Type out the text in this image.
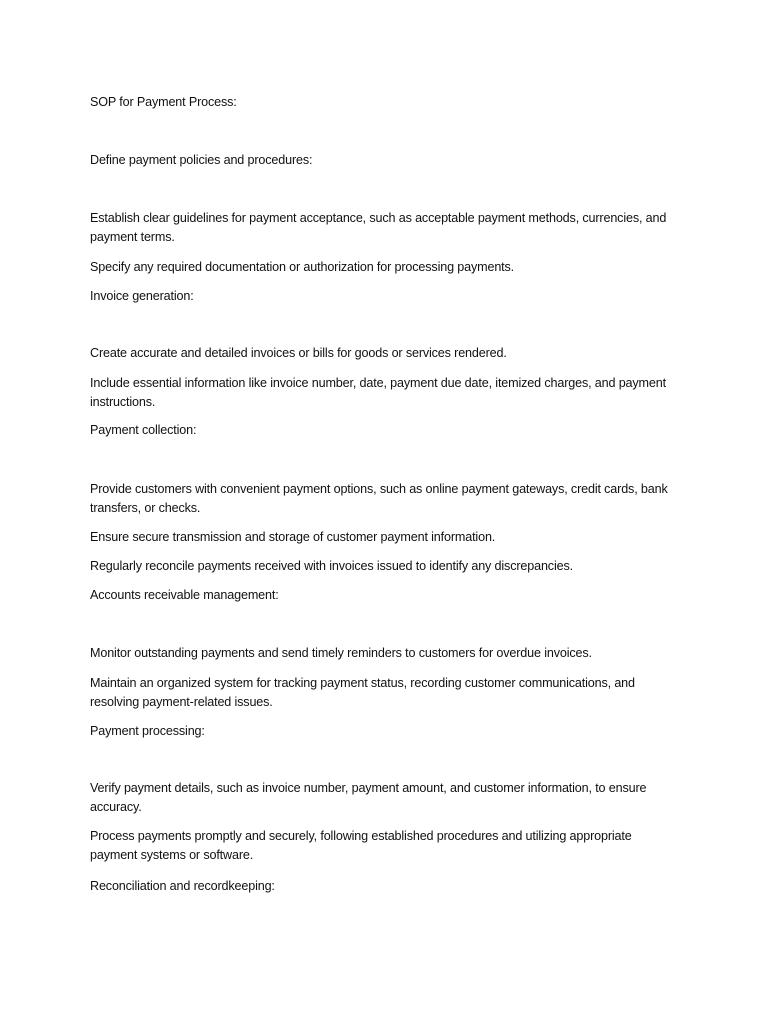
SOP for Payment Process:

Define payment policies and procedures:

Establish clear guidelines for payment acceptance, such as acceptable payment methods, currencies, and payment terms.

Specify any required documentation or authorization for processing payments.

Invoice generation:

Create accurate and detailed invoices or bills for goods or services rendered.

Include essential information like invoice number, date, payment due date, itemized charges, and payment instructions.

Payment collection:

Provide customers with convenient payment options, such as online payment gateways, credit cards, bank transfers, or checks.

Ensure secure transmission and storage of customer payment information.

Regularly reconcile payments received with invoices issued to identify any discrepancies.

Accounts receivable management:

Monitor outstanding payments and send timely reminders to customers for overdue invoices.

Maintain an organized system for tracking payment status, recording customer communications, and resolving payment-related issues.

Payment processing:

Verify payment details, such as invoice number, payment amount, and customer information, to ensure accuracy.

Process payments promptly and securely, following established procedures and utilizing appropriate payment systems or software.

Reconciliation and recordkeeping:
